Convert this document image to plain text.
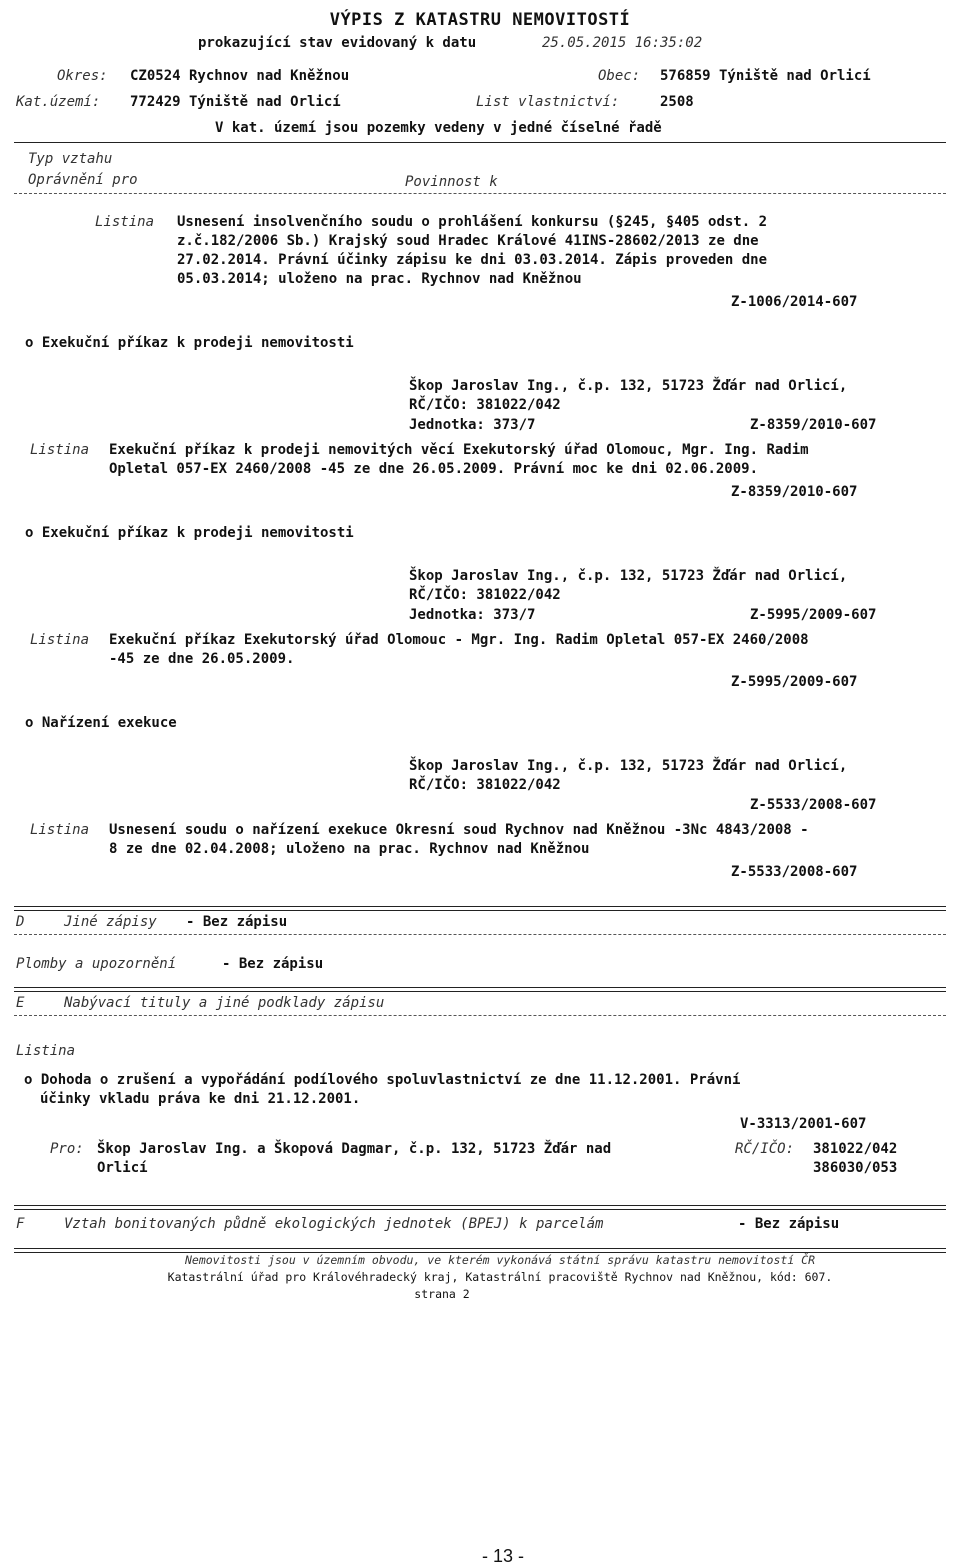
VÝPIS Z KATASTRU NEMOVITOSTÍ
prokazující stav evidovaný k datu	25.05.2015 16:35:02
Okres: CZ0524 Rychnov nad Kněžnou	Obec: 576859 Týniště nad Orlicí
Kat.území: 772429 Týniště nad Orlicí	List vlastnictví:	2508
V kat. území jsou pozemky vedeny v jedné číselné řadě
Typ vztahu
Oprávnění pro	Povinnost k
Listina Usnesení insolvenčního soudu o prohlášení konkursu (§245, §405 odst. 2
z.č.182/2006 Sb.) Krajský soud Hradec Králové 41INS-28602/2013 ze dne
27.02.2014. Právní účinky zápisu ke dni 03.03.2014. Zápis proveden dne
05.03.2014; uloženo na prac. Rychnov nad Kněžnou
Z-1006/2014-607
o Exekuční příkaz k prodeji nemovitosti
Škop Jaroslav Ing., č.p. 132, 51723 Žďár nad Orlicí,
RČ/IČO: 381022/042
Jednotka: 373/7	Z-8359/2010-607
Listina Exekuční příkaz k prodeji nemovitých věcí Exekutorský úřad Olomouc, Mgr. Ing. Radim
Opletal 057-EX 2460/2008 -45 ze dne 26.05.2009. Právní moc ke dni 02.06.2009.
Z-8359/2010-607
o Exekuční příkaz k prodeji nemovitosti
Škop Jaroslav Ing., č.p. 132, 51723 Žďár nad Orlicí,
RČ/IČO: 381022/042
Jednotka: 373/7	Z-5995/2009-607
Listina Exekuční příkaz Exekutorský úřad Olomouc - Mgr. Ing. Radim Opletal 057-EX 2460/2008
-45 ze dne 26.05.2009.
Z-5995/2009-607
o Nařízení exekuce
Škop Jaroslav Ing., č.p. 132, 51723 Žďár nad Orlicí,
RČ/IČO: 381022/042
Z-5533/2008-607
Listina Usnesení soudu o nařízení exekuce Okresní soud Rychnov nad Kněžnou -3Nc 4843/2008 -
8 ze dne 02.04.2008; uloženo na prac. Rychnov nad Kněžnou
Z-5533/2008-607
D	Jiné zápisy - Bez zápisu
Plomby a upozornění	- Bez zápisu
E	Nabývací tituly a jiné podklady zápisu
Listina
o Dohoda o zrušení a vypořádání podílového spoluvlastnictví ze dne 11.12.2001. Právní
účinky vkladu práva ke dni 21.12.2001.
V-3313/2001-607
Pro: Škop Jaroslav Ing. a Škopová Dagmar, č.p. 132, 51723 Žďár nad
Orlicí
RČ/IČO: 381022/042
386030/053
F	Vztah bonitovaných půdně ekologických jednotek (BPEJ) k parcelám	- Bez zápisu
Nemovitosti jsou v územním obvodu, ve kterém vykonává státní správu katastru nemovitostí ČR
Katastrální úřad pro Královéhradecký kraj, Katastrální pracoviště Rychnov nad Kněžnou, kód: 607.
strana 2
- 13 -
